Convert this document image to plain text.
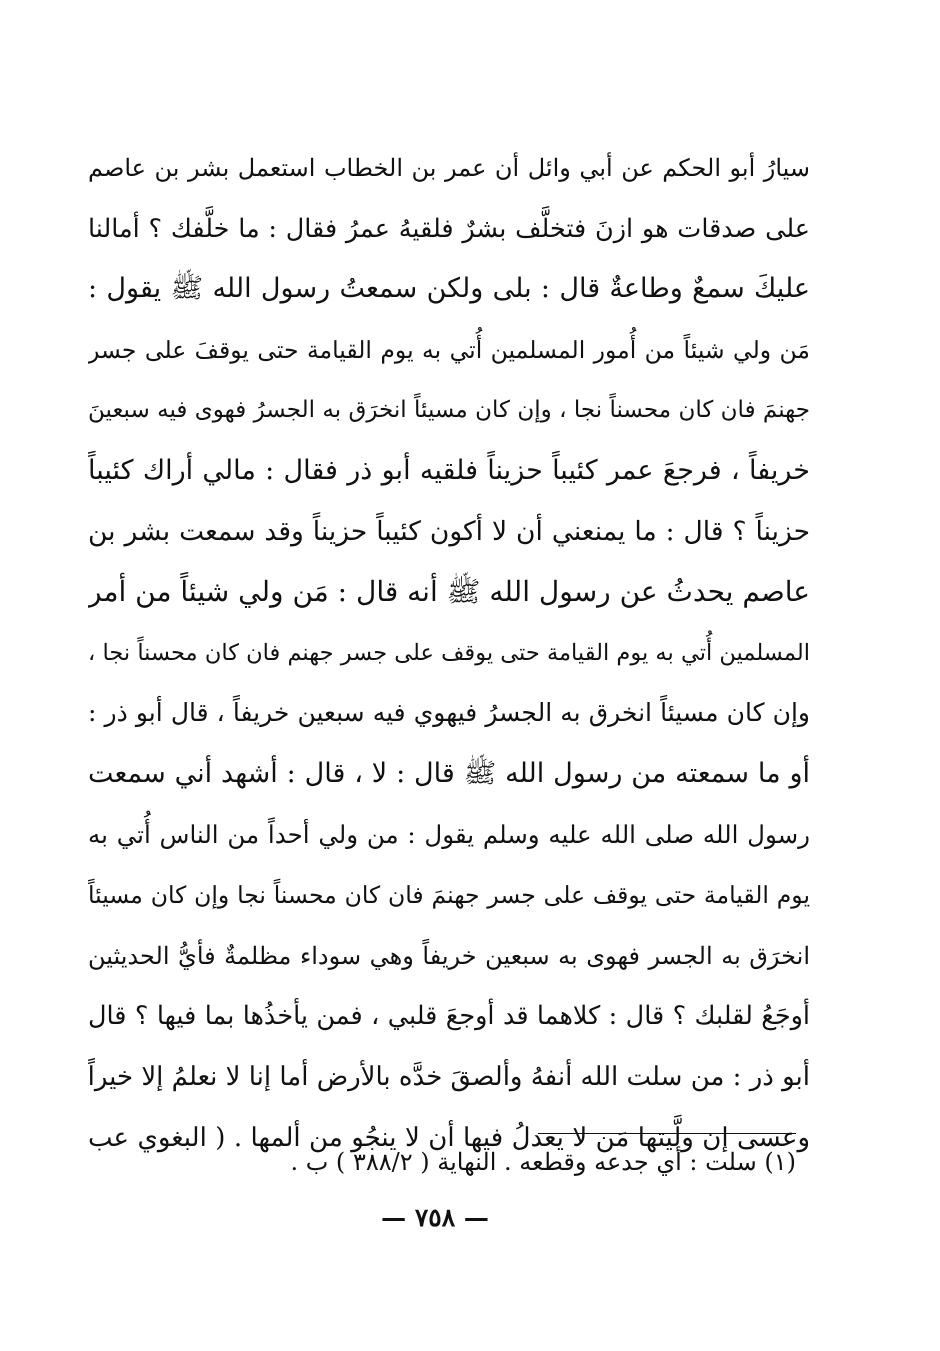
سيارُ أبو الحكم عن أبي وائل أن عمر بن الخطاب استعمل بشر بن عاصم
على صدقات هو ازنَ فتخلَّف بشرٌ فلقيهُ عمرُ فقال : ما خلَّفك ؟ أمالنا
عليكَ سمعٌ وطاعةٌ قال : بلى ولكن سمعتُ رسول الله ﷺ يقول :
مَن ولي شيئاً من أُمور المسلمين أُتي به يوم القيامة حتى يوقفَ على جسر
جهنمَ فان كان محسناً نجا ، وإن كان مسيئاً انخرَق به الجسرُ فهوى فيه سبعينَ
خريفاً ، فرجعَ عمر كئيباً حزيناً فلقيه أبو ذر فقال : مالي أراك كئيباً
حزيناً ؟ قال : ما يمنعني أن لا أكون كئيباً حزيناً وقد سمعت بشر بن
عاصم يحدثُ عن رسول الله ﷺ أنه قال : مَن ولي شيئاً من أمر
المسلمين أُتي به يوم القيامة حتى يوقف على جسر جهنم فان كان محسناً نجا ،
وإن كان مسيئاً انخرق به الجسرُ فيهوي فيه سبعين خريفاً ، قال أبو ذر :
أو ما سمعته من رسول الله ﷺ قال : لا ، قال : أشهد أني سمعت
رسول الله صلى الله عليه وسلم يقول : من ولي أحداً من الناس أُتي به
يوم القيامة حتى يوقف على جسر جهنمَ فان كان محسناً نجا وإن كان مسيئاً
انخرَق به الجسر فهوى به سبعين خريفاً وهي سوداء مظلمةٌ فأيُّ الحديثين
أوجَعُ لقلبك ؟ قال : كلاهما قد أوجعَ قلبي ، فمن يأخذُها بما فيها ؟ قال
أبو ذر : من سلت الله أنفهُ وألصقَ خدَّه بالأرض أما إنا لا نعلمُ إلا خيراً
وعسى إن ولَّيتها مَن لا يعدلُ فيها أن لا ينجُو من ألمها . ( البغوي عب
(١) سلت : أي جدعه وقطعه . النهاية ( ٣٨٨/٢ ) ب .
— ٧٥٨ —
